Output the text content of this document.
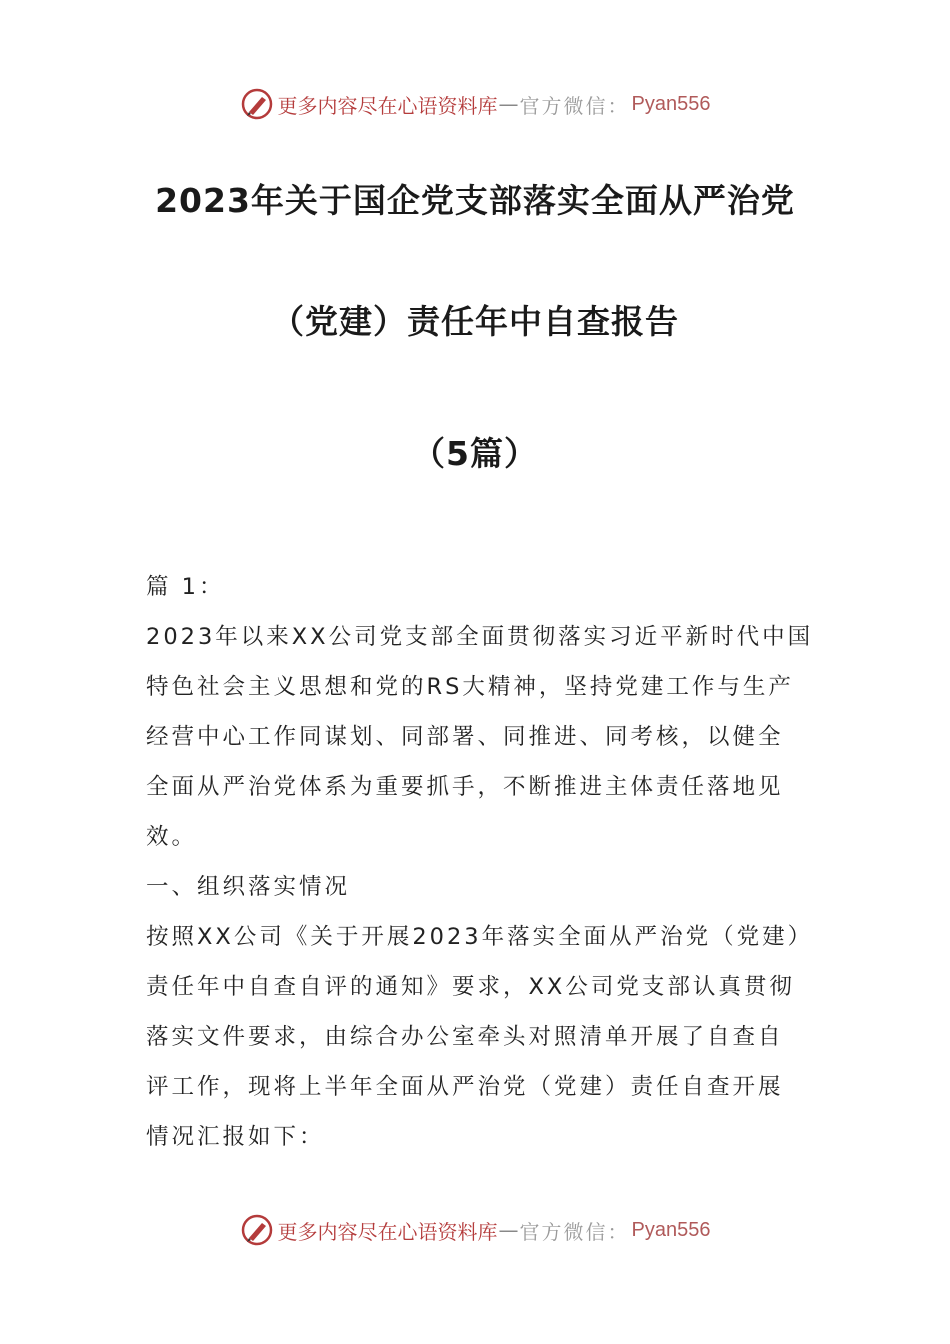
更多内容尽在心语资料库 — 官方微信： Pyan556
2023年关于国企党支部落实全面从严治党
（党建）责任年中自查报告
（5篇）
篇 1：
2023年以来XX公司党支部全面贯彻落实习近平新时代中国
特色社会主义思想和党的RS大精神，坚持党建工作与生产
经营中心工作同谋划、同部署、同推进、同考核，以健全
全面从严治党体系为重要抓手，不断推进主体责任落地见
效。
一、组织落实情况
按照XX公司《关于开展2023年落实全面从严治党（党建）
责任年中自查自评的通知》要求，XX公司党支部认真贯彻
落实文件要求，由综合办公室牵头对照清单开展了自查自
评工作，现将上半年全面从严治党（党建）责任自查开展
情况汇报如下：
更多内容尽在心语资料库 — 官方微信： Pyan556
